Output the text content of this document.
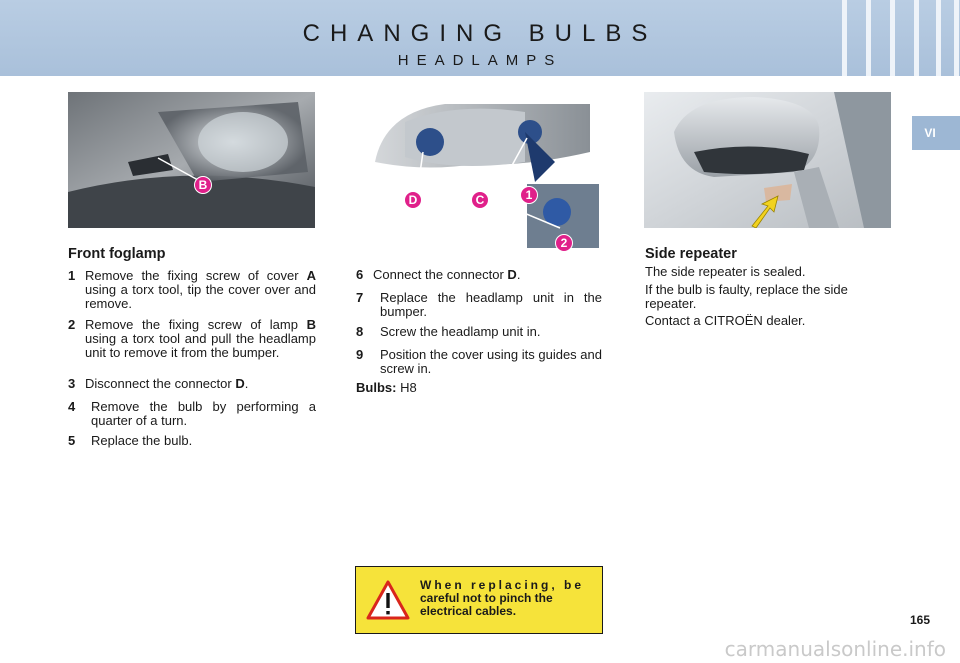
CHANGING BULBS
HEADLAMPS
VI
B
D	C	1
2
Front foglamp
1 Remove the fixing screw of cover A using a torx tool, tip the cover over and remove.
2 Remove the fixing screw of lamp B using a torx tool and pull the headlamp unit to remove it from the bumper.
3 Disconnect the connector D.
4	Remove the bulb by performing a quarter of a turn.
5	Replace the bulb.
6 Connect the connector D.
7	Replace the headlamp unit in the bumper.
8	Screw the headlamp unit in.
9	Position the cover using its guides and screw in.
Bulbs: H8
Side repeater
The side repeater is sealed.
If the bulb is faulty, replace the side repeater.
Contact a CITROËN dealer.
When replacing, be
careful not to pinch the electrical cables.
165
carmanualsonline.info
